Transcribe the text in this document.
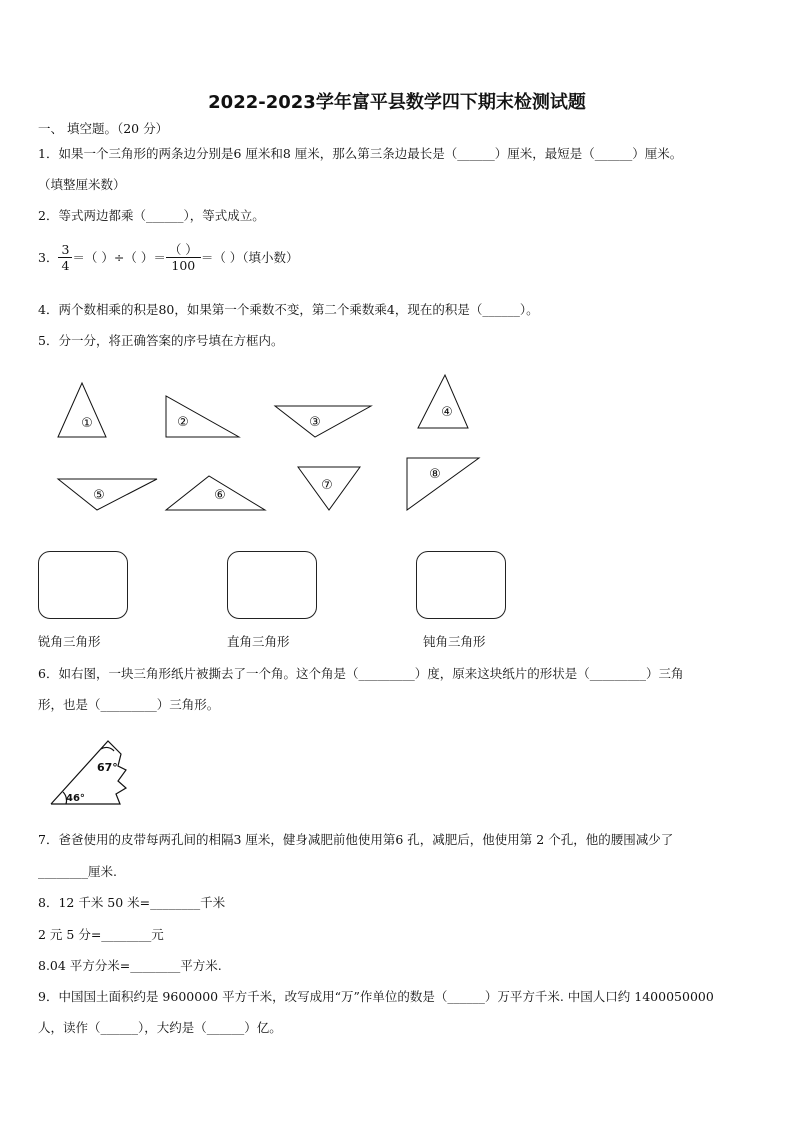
2022-2023学年富平县数学四下期末检测试题
一、 填空题。（20 分）
1．如果一个三角形的两条边分别是6 厘米和8 厘米，那么第三条边最长是（______）厘米，最短是（______）厘米。
（填整厘米数）
2．等式两边都乘（______），等式成立。
3． $\frac{3}{4}$ ＝（ ）÷（ ）＝ $\frac{( )}{100}$ ＝（ ）（填小数）
4．两个数相乘的积是80，如果第一个乘数不变，第二个乘数乘4，现在的积是（______）。
5．分一分，将正确答案的序号填在方框内。
①	②	③
④
⑤	⑥
⑦
⑧
锐角三角形	直角三角形	钝角三角形
6．如右图，一块三角形纸片被撕去了一个角。这个角是（_________）度，原来这块纸片的形状是（_________）三角
形，也是（_________）三角形。
67°
46°
7．爸爸使用的皮带每两孔间的相隔3 厘米，健身减肥前他使用第6 孔，减肥后，他使用第 2 个孔，他的腰围减少了
________厘米.
8．12 千米 50 米=________千米
2 元 5 分=________元
8.04 平方分米=________平方米.
9．中国国土面积约是 9600000 平方千米，改写成用“万”作单位的数是（______）万平方千米. 中国人口约 1400050000
人，读作（______），大约是（______）亿。
